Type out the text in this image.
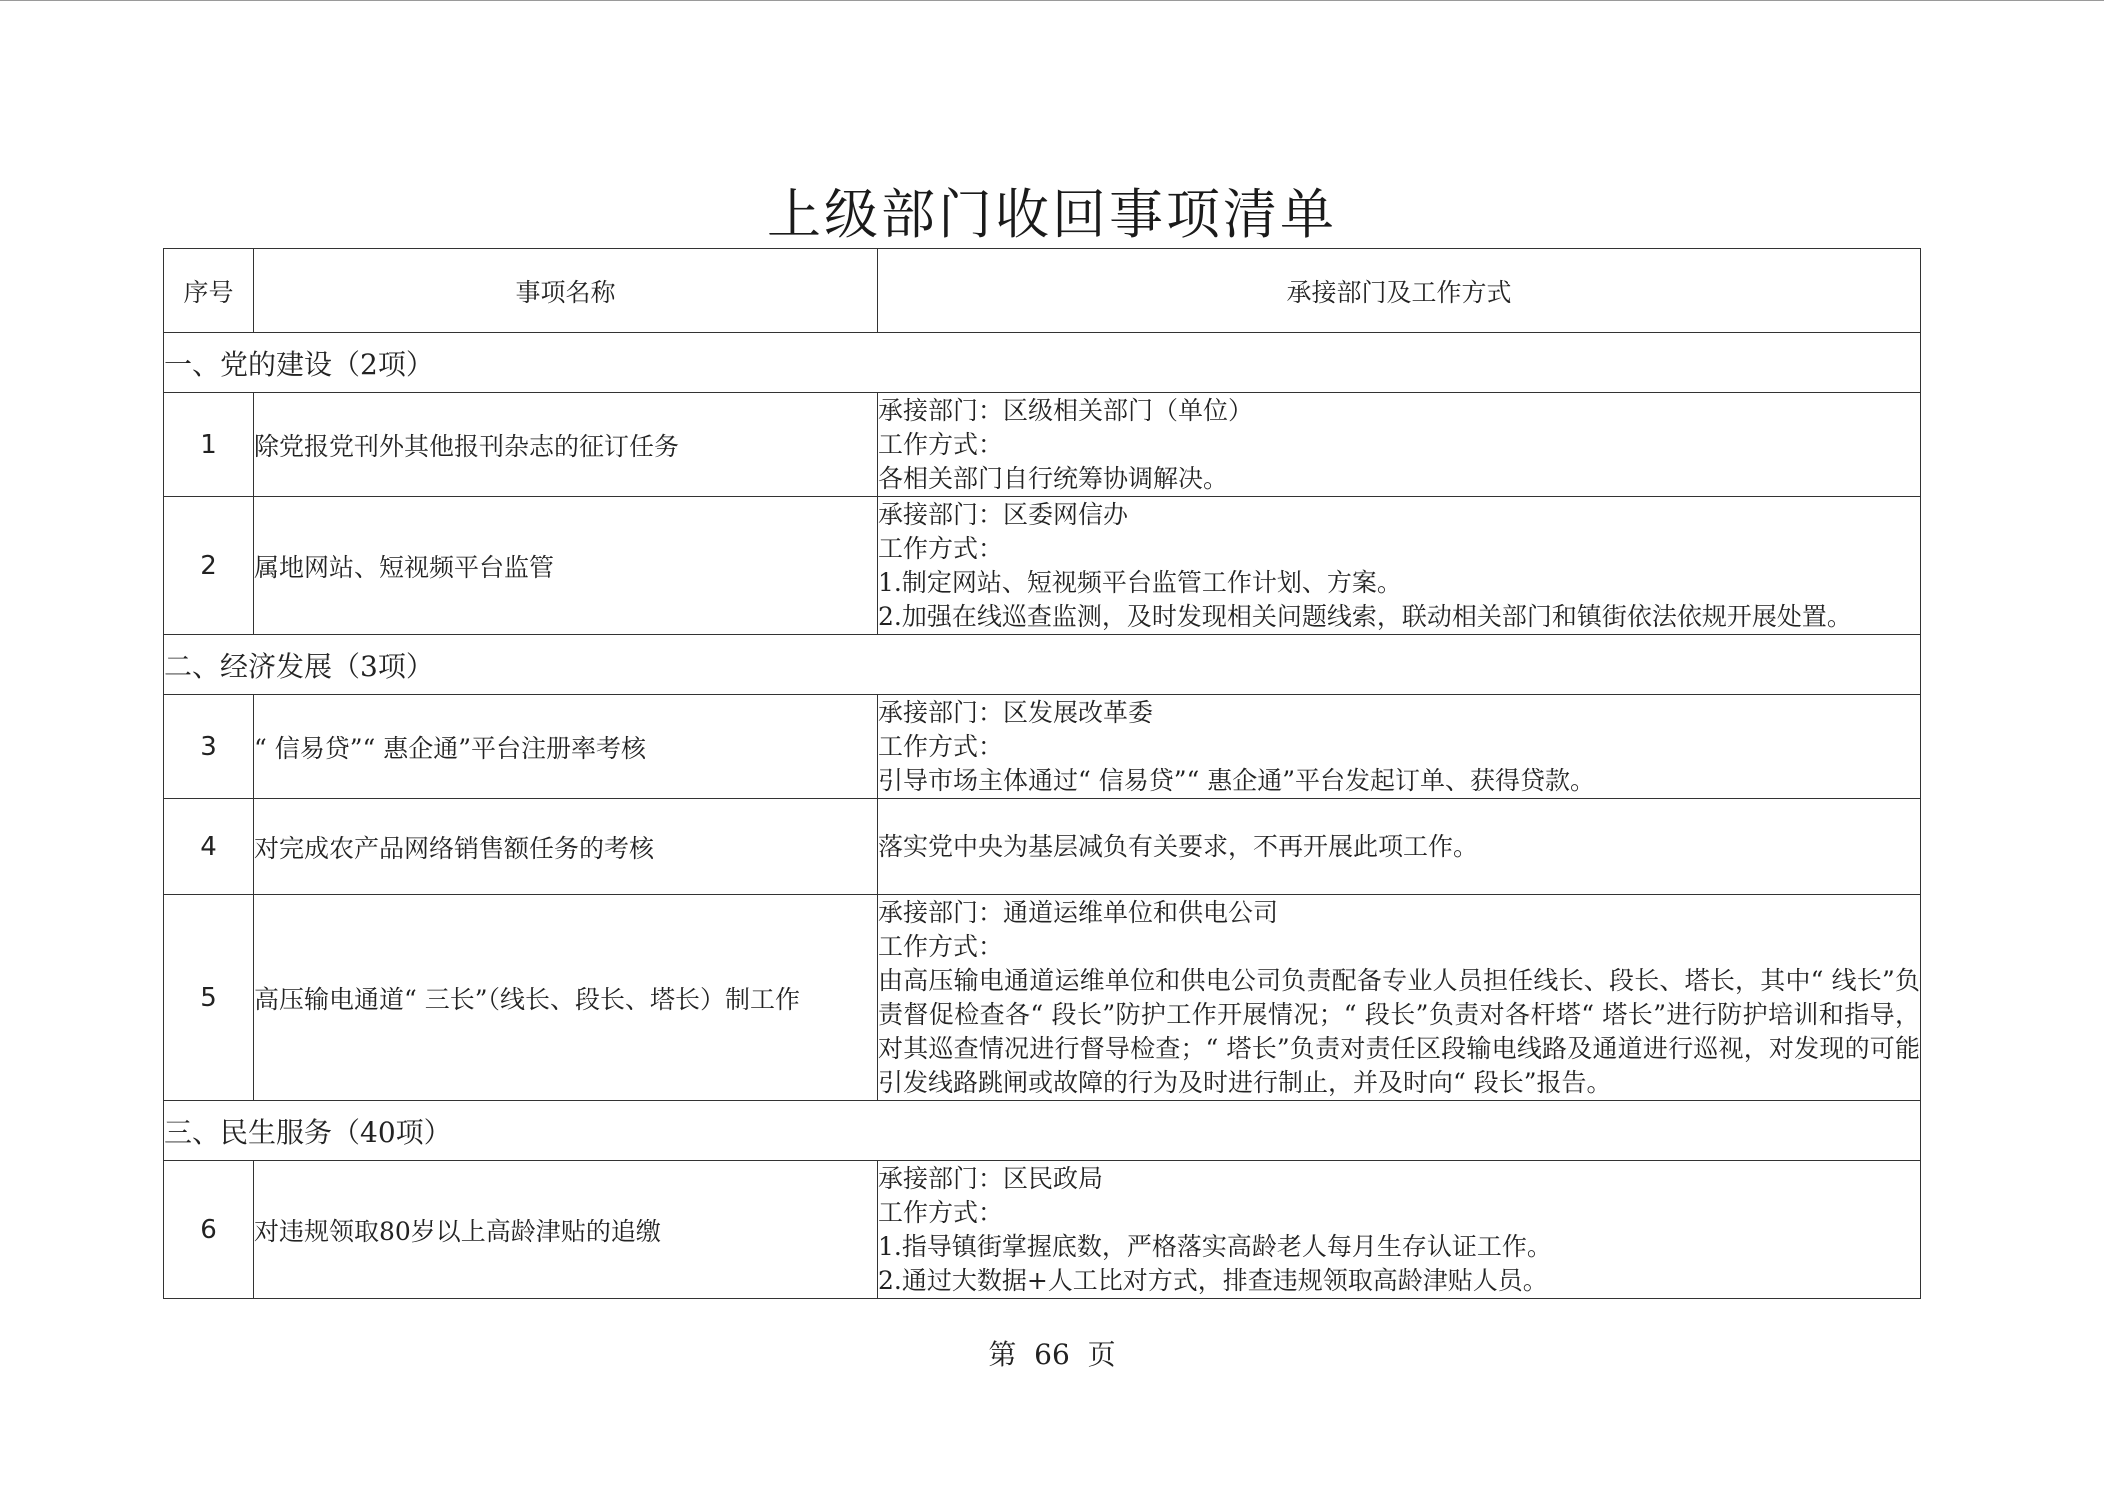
上级部门收回事项清单
序号	事项名称	承接部门及工作方式
一、党的建设（2项）		
1	除党报党刊外其他报刊杂志的征订任务	承接部门：区级相关部门（单位）
工作方式：
各相关部门自行统筹协调解决。

2	属地网站、短视频平台监管	承接部门：区委网信办
工作方式：
1.制定网站、短视频平台监管工作计划、方案。
2.加强在线巡查监测，及时发现相关问题线索，联动相关部门和镇街依法依规开展处置。

二、经济发展（3项）		
3	“ 信易贷”“ 惠企通”平台注册率考核	承接部门：区发展改革委
工作方式：
引导市场主体通过“ 信易贷”“ 惠企通”平台发起订单、获得贷款。

4	对完成农产品网络销售额任务的考核	落实党中央为基层减负有关要求，不再开展此项工作。

5	高压输电通道“ 三长”（线长、段长、塔长）制工作	承接部门：通道运维单位和供电公司
工作方式：
由高压输电通道运维单位和供电公司负责配备专业人员担任线长、段长、塔长，其中“ 线长”负责督促检查各“ 段长”防护工作开展情况；“ 段长”负责对各杆塔“ 塔长”进行防护培训和指导，对其巡查情况进行督导检查；“ 塔长”负责对责任区段输电线路及通道进行巡视，对发现的可能引发线路跳闸或故障的行为及时进行制止，并及时向“ 段长”报告。

三、民生服务（40项）		
6	对违规领取80岁以上高龄津贴的追缴	承接部门：区民政局
工作方式：
1.指导镇街掌握底数，严格落实高龄老人每月生存认证工作。
2.通过大数据+人工比对方式，排查违规领取高龄津贴人员。
第  66  页
